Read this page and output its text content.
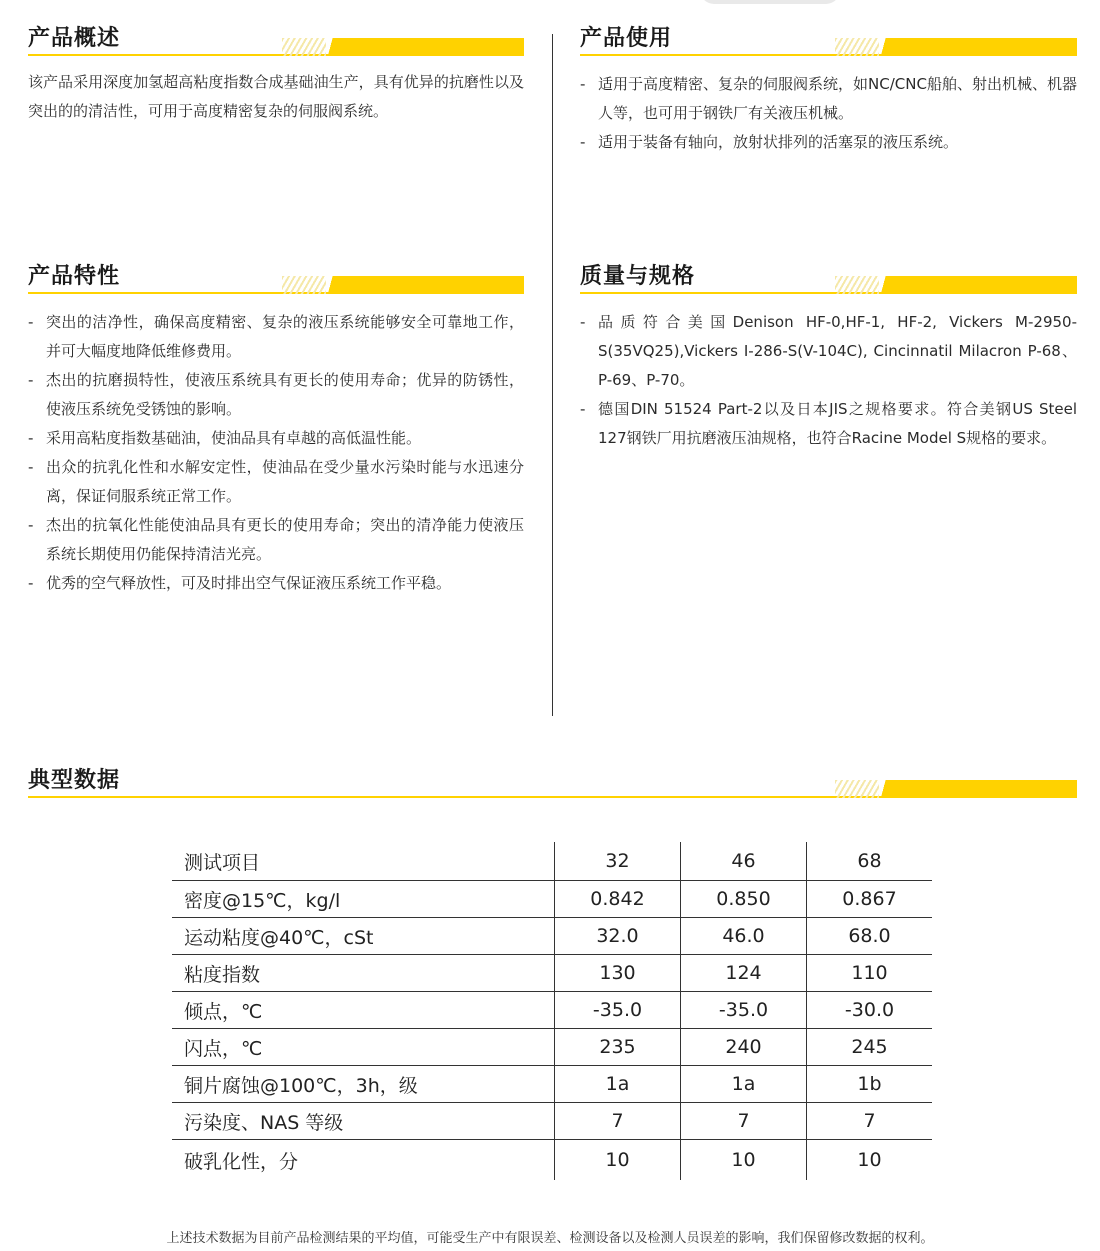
产品概述

该产品采用深度加氢超高粘度指数合成基础油生产，具有优异的抗磨性以及突出的的清洁性，可用于高度精密复杂的伺服阀系统。

产品使用
- 适用于高度精密、复杂的伺服阀系统，如NC/CNC船舶、射出机械、机器人等，也可用于钢铁厂有关液压机械。
- 适用于装备有轴向，放射状排列的活塞泵的液压系统。
产品特性
- 突出的洁净性，确保高度精密、复杂的液压系统能够安全可靠地工作，并可大幅度地降低维修费用。
- 杰出的抗磨损特性，使液压系统具有更长的使用寿命；优异的防锈性，使液压系统免受锈蚀的影响。
- 采用高粘度指数基础油，使油品具有卓越的高低温性能。
- 出众的抗乳化性和水解安定性，使油品在受少量水污染时能与水迅速分离，保证伺服系统正常工作。
- 杰出的抗氧化性能使油品具有更长的使用寿命；突出的清净能力使液压系统长期使用仍能保持清洁光亮。
- 优秀的空气释放性，可及时排出空气保证液压系统工作平稳。
质量与规格
- 品质符合美国Denison HF-0,HF-1, HF-2, Vickers M-2950-S(35VQ25),Vickers I-286-S(V-104C), Cincinnatil Milacron P-68、P-69、P-70。
- 德国DIN 51524 Part-2以及日本JIS之规格要求。符合美钢US Steel 127钢铁厂用抗磨液压油规格，也符合Racine Model S规格的要求。
典型数据
测试项目	32	46	68
密度@15℃，kg/l	0.842	0.850	0.867
运动粘度@40℃，cSt	32.0	46.0	68.0
粘度指数	130	124	110
倾点，℃	-35.0	-35.0	-30.0
闪点，℃	235	240	245
铜片腐蚀@100℃，3h，级	1a	1a	1b
污染度、NAS 等级	7	7	7
破乳化性，分	10	10	10
上述技术数据为目前产品检测结果的平均值，可能受生产中有限误差、检测设备以及检测人员误差的影响，我们保留修改数据的权利。
